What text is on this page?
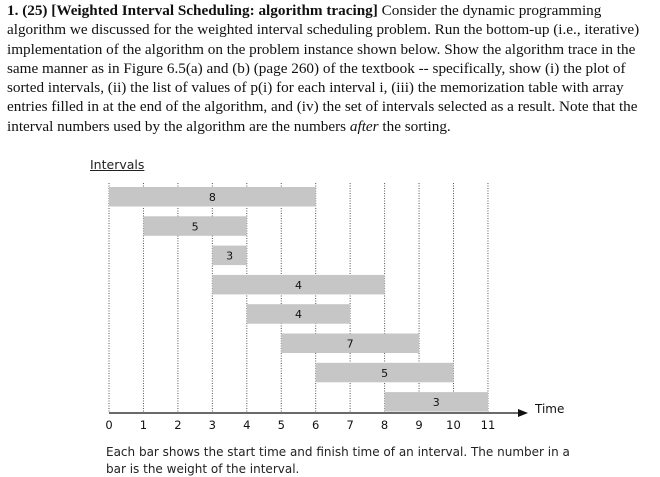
1. (25) [Weighted Interval Scheduling: algorithm tracing] Consider the dynamic programming algorithm we discussed for the weighted interval scheduling problem. Run the bottom-up (i.e., iterative) implementation of the algorithm on the problem instance shown below. Show the algorithm trace in the same manner as in Figure 6.5(a) and (b) (page 260) of the textbook -- specifically, show (i) the plot of sorted intervals, (ii) the list of values of p(i) for each interval i, (iii) the memorization table with array entries filled in at the end of the algorithm, and (iv) the set of intervals selected as a result. Note that the interval numbers used by the algorithm are the numbers after the sorting.
Intervals
8
5
3
4
4
7
5
3	Time
0 1 2 3 4 5 6 7 8 9 10 11
Each bar shows the start time and finish time of an interval. The number in a bar is the weight of the interval.
